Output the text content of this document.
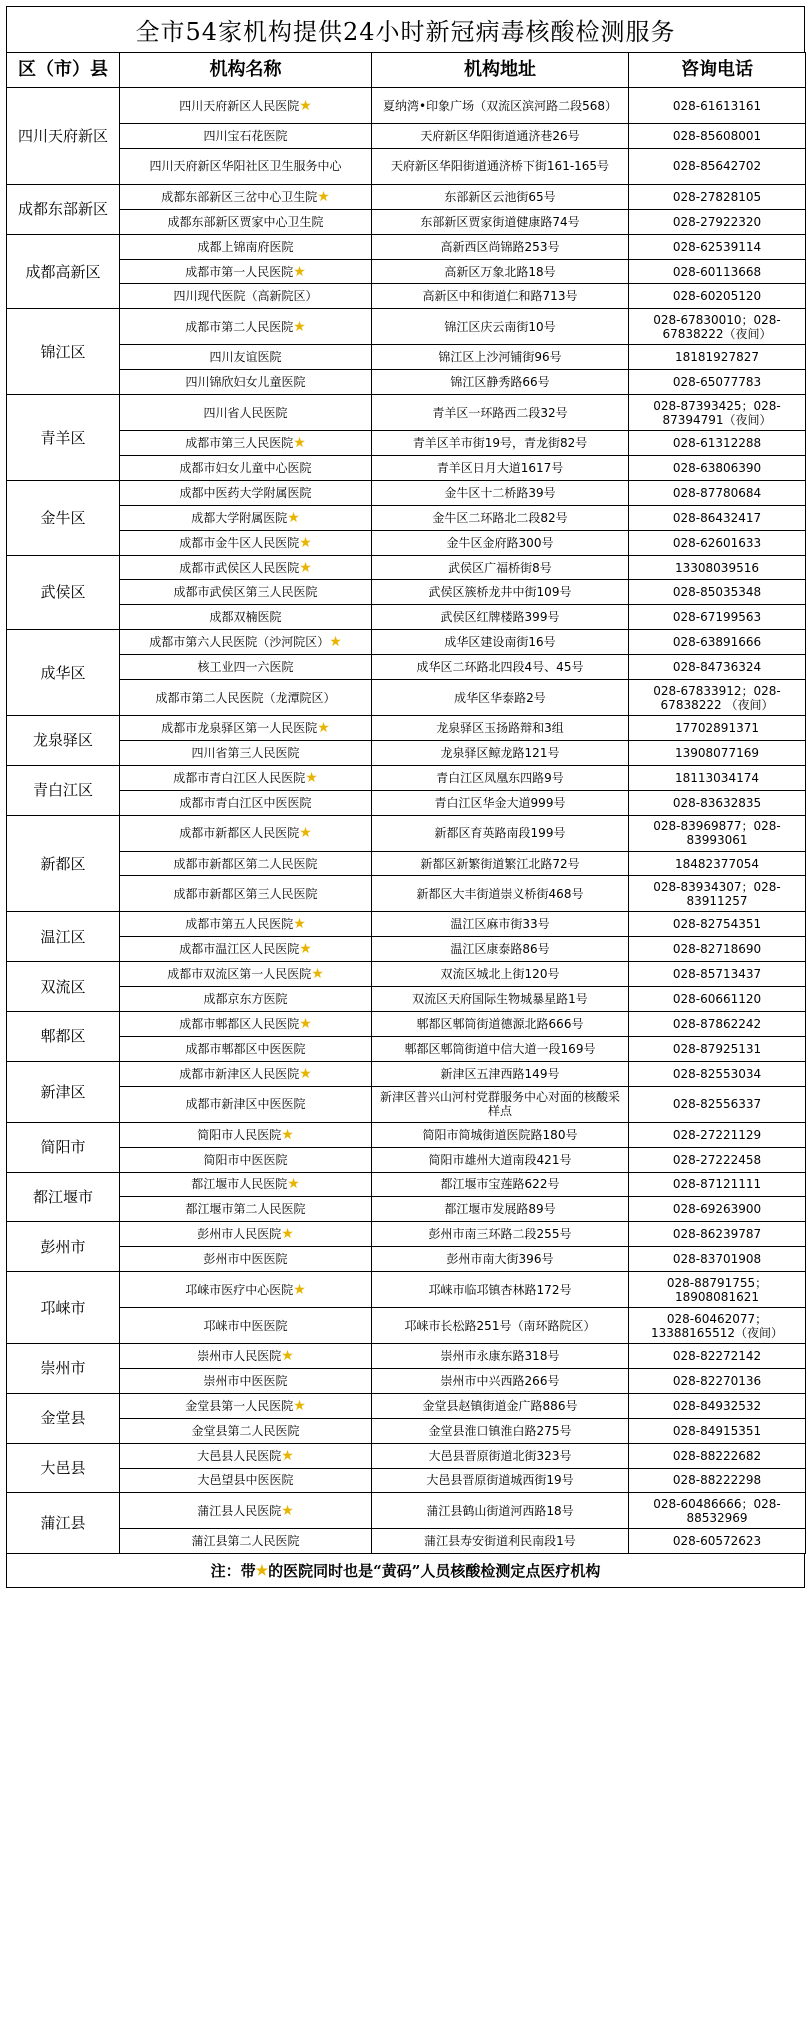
全市54家机构提供24小时新冠病毒核酸检测服务
区（市）县	机构名称	机构地址	咨询电话
四川天府新区	四川天府新区人民医院★	夏纳湾•印象广场（双流区滨河路二段568）	028-61613161
	四川宝石花医院	天府新区华阳街道通济巷26号	028-85608001
	四川天府新区华阳社区卫生服务中心	天府新区华阳街道通济桥下街161-165号	028-85642702
成都东部新区	成都东部新区三岔中心卫生院★	东部新区云池街65号	028-27828105
	成都东部新区贾家中心卫生院	东部新区贾家街道健康路74号	028-27922320
成都高新区	成都上锦南府医院	高新西区尚锦路253号	028-62539114
	成都市第一人民医院★	高新区万象北路18号	028-60113668
	四川现代医院（高新院区）	高新区中和街道仁和路713号	028-60205120
锦江区	成都市第二人民医院★	锦江区庆云南街10号	028-67830010；028-67838222（夜间）
	四川友谊医院	锦江区上沙河铺街96号	18181927827
	四川锦欣妇女儿童医院	锦江区静秀路66号	028-65077783
青羊区	四川省人民医院	青羊区一环路西二段32号	028-87393425；028-87394791（夜间）
	成都市第三人民医院★	青羊区羊市街19号，青龙街82号	028-61312288
	成都市妇女儿童中心医院	青羊区日月大道1617号	028-63806390
金牛区	成都中医药大学附属医院	金牛区十二桥路39号	028-87780684
	成都大学附属医院★	金牛区二环路北二段82号	028-86432417
	成都市金牛区人民医院★	金牛区金府路300号	028-62601633
武侯区	成都市武侯区人民医院★	武侯区广福桥街8号	13308039516
	成都市武侯区第三人民医院	武侯区簇桥龙井中街109号	028-85035348
	成都双楠医院	武侯区红牌楼路399号	028-67199563
成华区	成都市第六人民医院（沙河院区）★	成华区建设南街16号	028-63891666
	核工业四一六医院	成华区二环路北四段4号、45号	028-84736324
	成都市第二人民医院（龙潭院区）	成华区华泰路2号	028-67833912；028-67838222 （夜间）
龙泉驿区	成都市龙泉驿区第一人民医院★	龙泉驿区玉扬路辩和3组	17702891371
	四川省第三人民医院	龙泉驿区鲸龙路121号	13908077169
青白江区	成都市青白江区人民医院★	青白江区凤凰东四路9号	18113034174
	成都市青白江区中医医院	青白江区华金大道999号	028-83632835
新都区	成都市新都区人民医院★	新都区育英路南段199号	028-83969877；028-83993061
	成都市新都区第二人民医院	新都区新繁街道繁江北路72号	18482377054
	成都市新都区第三人民医院	新都区大丰街道崇义桥街468号	028-83934307；028-83911257
温江区	成都市第五人民医院★	温江区麻市街33号	028-82754351
	成都市温江区人民医院★	温江区康泰路86号	028-82718690
双流区	成都市双流区第一人民医院★	双流区城北上街120号	028-85713437
	成都京东方医院	双流区天府国际生物城暴星路1号	028-60661120
郫都区	成都市郫都区人民医院★	郫都区郫筒街道德源北路666号	028-87862242
	成都市郫都区中医医院	郫都区郫筒街道中信大道一段169号	028-87925131
新津区	成都市新津区人民医院★	新津区五津西路149号	028-82553034
	成都市新津区中医医院	新津区普兴山河村党群服务中心对面的核酸采样点	028-82556337
简阳市	简阳市人民医院★	简阳市简城街道医院路180号	028-27221129
	简阳市中医医院	简阳市雄州大道南段421号	028-27222458
都江堰市	都江堰市人民医院★	都江堰市宝莲路622号	028-87121111
	都江堰市第二人民医院	都江堰市发展路89号	028-69263900
彭州市	彭州市人民医院★	彭州市南三环路二段255号	028-86239787
	彭州市中医医院	彭州市南大街396号	028-83701908
邛崃市	邛崃市医疗中心医院★	邛崃市临邛镇杏林路172号	028-88791755；18908081621
	邛崃市中医医院	邛崃市长松路251号（南环路院区）	028-60462077；13388165512（夜间）
崇州市	崇州市人民医院★	崇州市永康东路318号	028-82272142
	崇州市中医医院	崇州市中兴西路266号	028-82270136
金堂县	金堂县第一人民医院★	金堂县赵镇街道金广路886号	028-84932532
	金堂县第二人民医院	金堂县淮口镇淮白路275号	028-84915351
大邑县	大邑县人民医院★	大邑县晋原街道北街323号	028-88222682
	大邑望县中医医院	大邑县晋原街道城西街19号	028-88222298
蒲江县	蒲江县人民医院★	蒲江县鹤山街道河西路18号	028-60486666；028-88532969
	蒲江县第二人民医院	蒲江县寿安街道利民南段1号	028-60572623
注：带 ★ 的医院同时也是“黄码”人员核酸检测定点医疗机构
